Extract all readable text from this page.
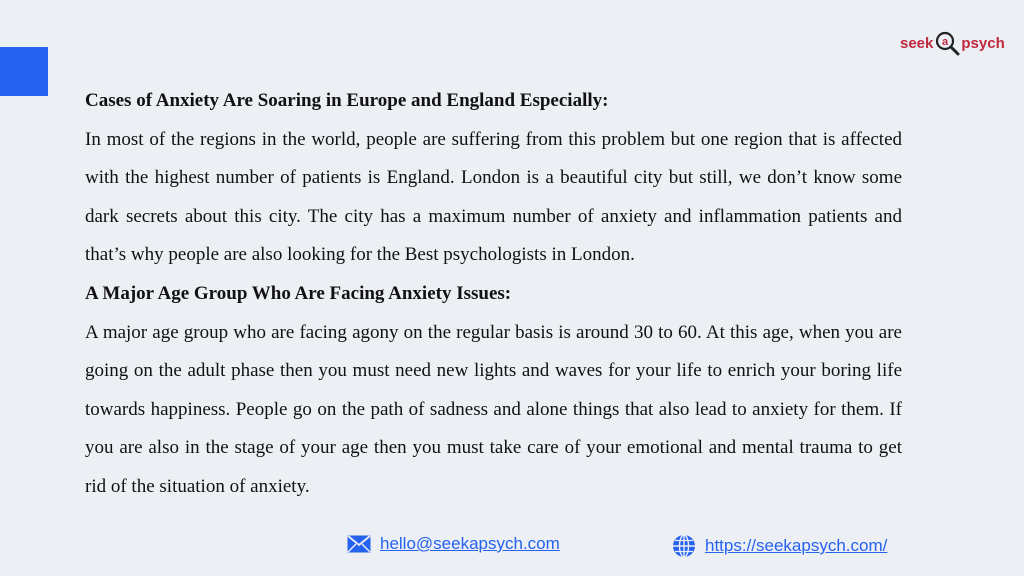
seek a psych
Cases of Anxiety Are Soaring in Europe and England Especially:

In most of the regions in the world, people are suffering from this problem but one region that is affected with the highest number of patients is England. London is a beautiful city but still, we don’t know some dark secrets about this city. The city has a maximum number of anxiety and inflammation patients and that’s why people are also looking for the Best psychologists in London.

A Major Age Group Who Are Facing Anxiety Issues:

A major age group who are facing agony on the regular basis is around 30 to 60. At this age, when you are going on the adult phase then you must need new lights and waves for your life to enrich your boring life towards happiness. People go on the path of sadness and alone things that also lead to anxiety for them. If you are also in the stage of your age then you must take care of your emotional and mental trauma to get rid of the situation of anxiety.

hello@seekapsych.com	https://seekapsych.com/
